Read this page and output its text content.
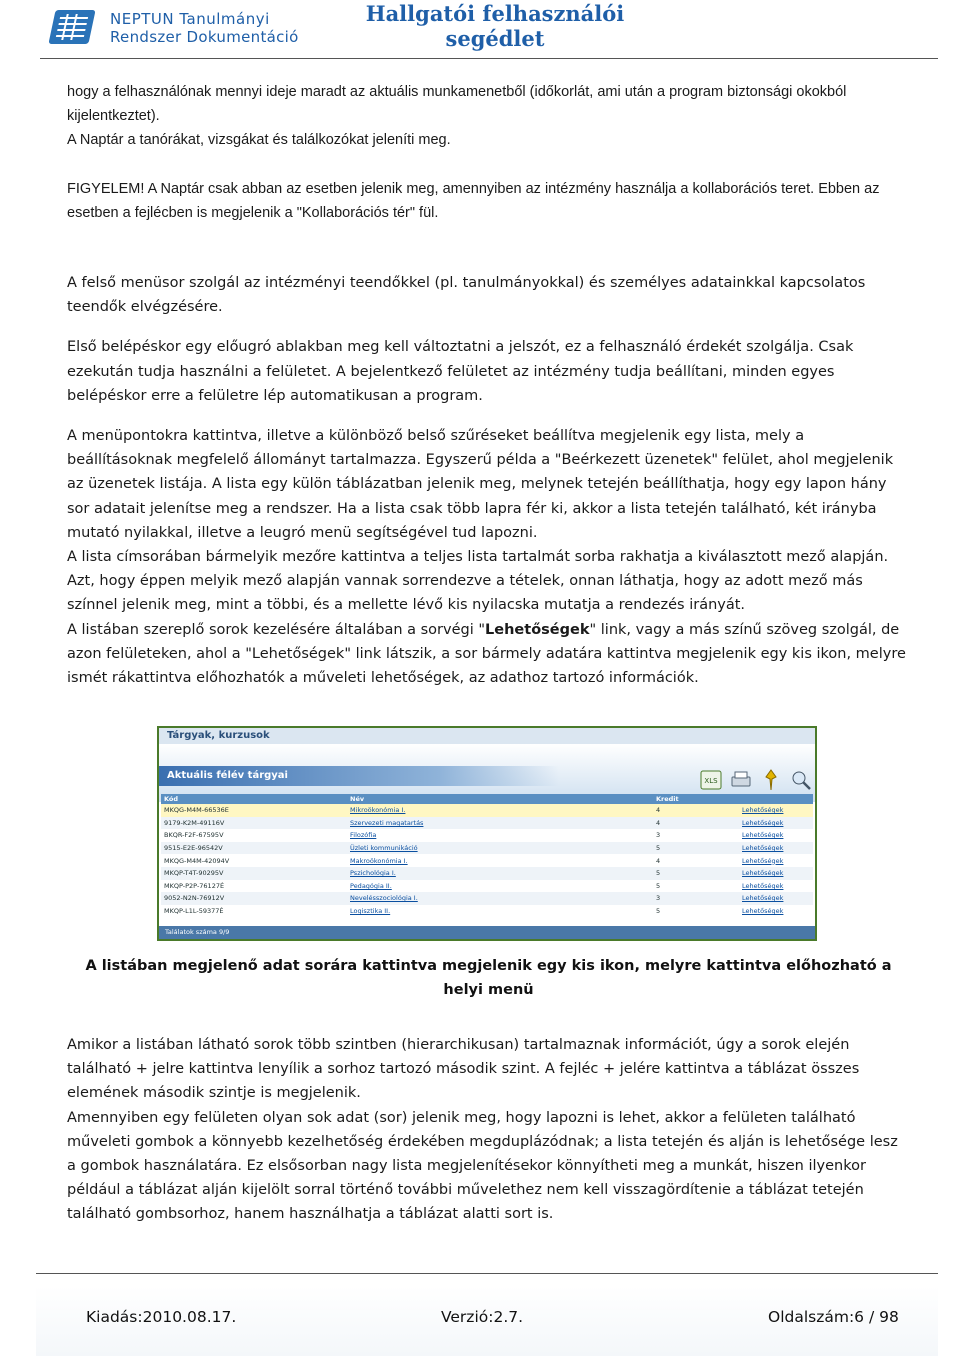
NEPTUN Tanulmányi
Rendszer Dokumentáció
Hallgatói felhasználói
segédlet

hogy a felhasználónak mennyi ideje maradt az aktuális munkamenetből (időkorlát, ami után a program biztonsági okokból kijelentkeztet).

A Naptár a tanórákat, vizsgákat és találkozókat jeleníti meg.

FIGYELEM! A Naptár csak abban az esetben jelenik meg, amennyiben az intézmény használja a kollaborációs teret. Ebben az esetben a fejlécben is megjelenik a "Kollaborációs tér" fül.

A felső menüsor szolgál az intézményi teendőkkel (pl. tanulmányokkal) és személyes adatainkkal kapcsolatos teendők elvégzésére.

Első belépéskor egy előugró ablakban meg kell változtatni a jelszót, ez a felhasználó érdekét szolgálja. Csak ezekután tudja használni a felületet. A bejelentkező felületet az intézmény tudja beállítani, minden egyes belépéskor erre a felületre lép automatikusan a program.

A menüpontokra kattintva, illetve a különböző belső szűréseket beállítva megjelenik egy lista, mely a beállításoknak megfelelő állományt tartalmazza. Egyszerű példa a "Beérkezett üzenetek" felület, ahol megjelenik az üzenetek listája. A lista egy külön táblázatban jelenik meg, melynek tetején beállíthatja, hogy egy lapon hány sor adatait jelenítse meg a rendszer. Ha a lista csak több lapra fér ki, akkor a lista tetején található, két irányba mutató nyilakkal, illetve a leugró menü segítségével tud lapozni.

A lista címsorában bármelyik mezőre kattintva a teljes lista tartalmát sorba rakhatja a kiválasztott mező alapján. Azt, hogy éppen melyik mező alapján vannak sorrendezve a tételek, onnan láthatja, hogy az adott mező más színnel jelenik meg, mint a többi, és a mellette lévő kis nyilacska mutatja a rendezés irányát.

A listában szereplő sorok kezelésére általában a sorvégi "Lehetőségek" link, vagy a más színű szöveg szolgál, de azon felületeken, ahol a "Lehetőségek" link látszik, a sor bármely adatára kattintva megjelenik egy kis ikon, melyre ismét rákattintva előhozhatók a műveleti lehetőségek, az adathoz tartozó információk.

Tárgyak, kurzusok
Aktuális félév tárgyai	XLS
Kód	Név	Kredit	
MKQG-M4M-66536E	Mikroökonómia I.	4	Lehetőségek
9179-K2M-49116V	Szervezeti magatartás	4	Lehetőségek
BKQR-F2F-67595V	Filozófia	3	Lehetőségek
9515-E2E-96542V	Üzleti kommunikáció	5	Lehetőségek
MKQG-M4M-42094V	Makroökonómia I.	4	Lehetőségek
MKQP-T4T-90295V	Pszichológia I.	5	Lehetőségek
MKQP-P2P-76127É	Pedagógia II.	5	Lehetőségek
9052-N2N-76912V	Nevelésszociológia I.	3	Lehetőségek
MKQP-L1L-59377É	Logisztika II.	5	Lehetőségek
Találatok száma 9/9
A listában megjelenő adat sorára kattintva megjelenik egy kis ikon, melyre kattintva előhozható a helyi menü

Amikor a listában látható sorok több szintben (hierarchikusan) tartalmaznak információt, úgy a sorok elején található + jelre kattintva lenyílik a sorhoz tartozó második szint. A fejléc + jelére kattintva a táblázat összes elemének második szintje is megjelenik.

Amennyiben egy felületen olyan sok adat (sor) jelenik meg, hogy lapozni is lehet, akkor a felületen található műveleti gombok a könnyebb kezelhetőség érdekében megduplázódnak; a lista tetején és alján is lehetősége lesz a gombok használatára. Ez elsősorban nagy lista megjelenítésekor könnyítheti meg a munkát, hiszen ilyenkor például a táblázat alján kijelölt sorral történő további művelethez nem kell visszagördítenie a táblázat tetején található gombsorhoz, hanem használhatja a táblázat alatti sort is.

Kiadás:2010.08.17.	Verzió:2.7.	Oldalszám:6 / 98
